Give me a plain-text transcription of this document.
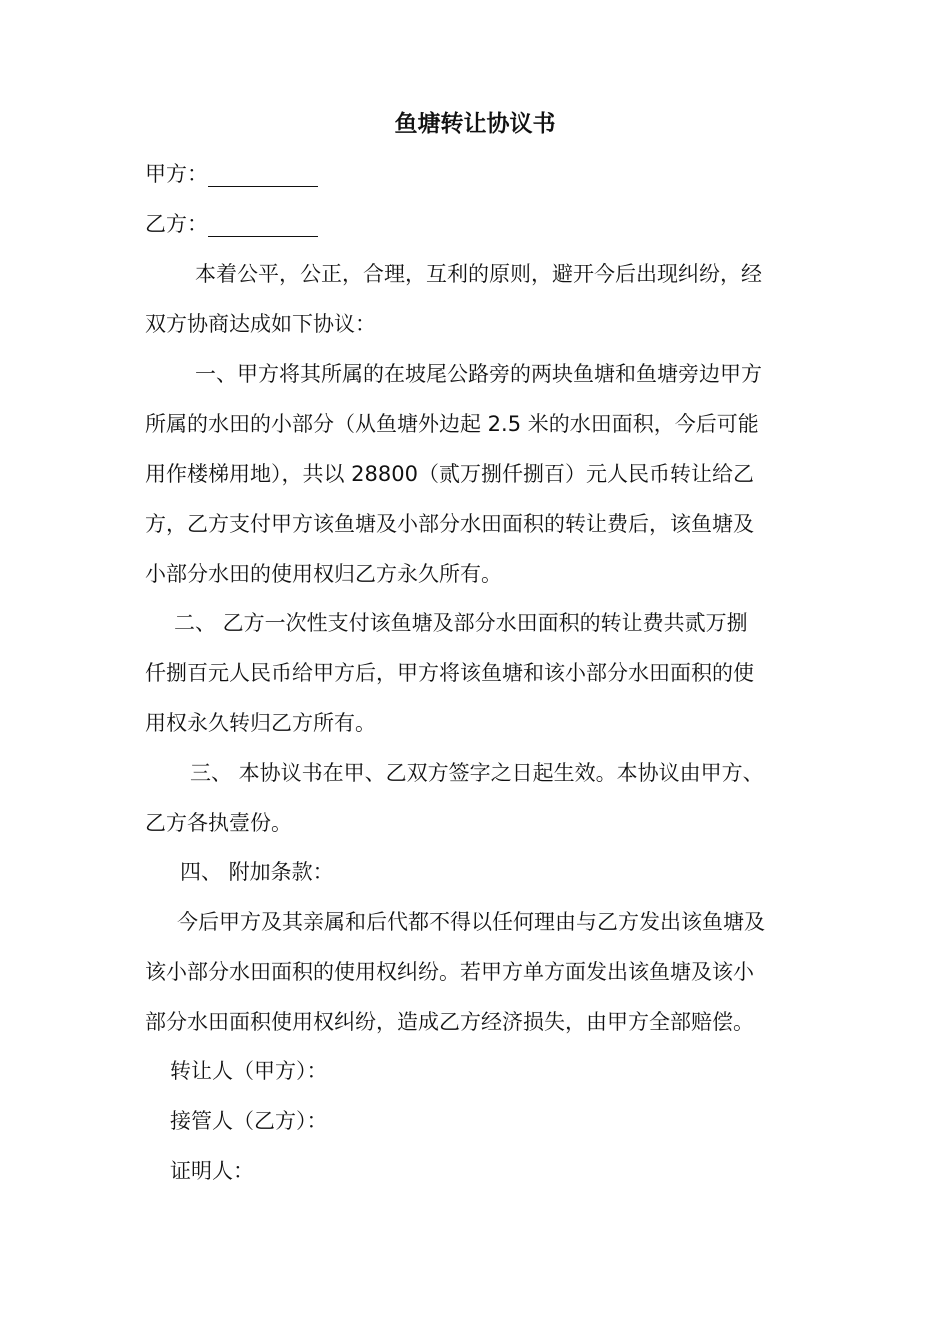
鱼塘转让协议书
甲方：
乙方：
本着公平，公正，合理，互利的原则，避开今后出现纠纷，经
双方协商达成如下协议：
一、甲方将其所属的在坡尾公路旁的两块鱼塘和鱼塘旁边甲方
所属的水田的小部分（从鱼塘外边起 2.5 米的水田面积，今后可能
用作楼梯用地），共以 28800（贰万捌仟捌百）元人民币转让给乙
方，乙方支付甲方该鱼塘及小部分水田面积的转让费后，该鱼塘及
小部分水田的使用权归乙方永久所有。
二、 乙方一次性支付该鱼塘及部分水田面积的转让费共贰万捌
仟捌百元人民币给甲方后，甲方将该鱼塘和该小部分水田面积的使
用权永久转归乙方所有。
三、 本协议书在甲、乙双方签字之日起生效。本协议由甲方、
乙方各执壹份。
四、 附加条款：
今后甲方及其亲属和后代都不得以任何理由与乙方发出该鱼塘及
该小部分水田面积的使用权纠纷。若甲方单方面发出该鱼塘及该小
部分水田面积使用权纠纷，造成乙方经济损失，由甲方全部赔偿。
转让人（甲方）：
接管人（乙方）：
证明人：
